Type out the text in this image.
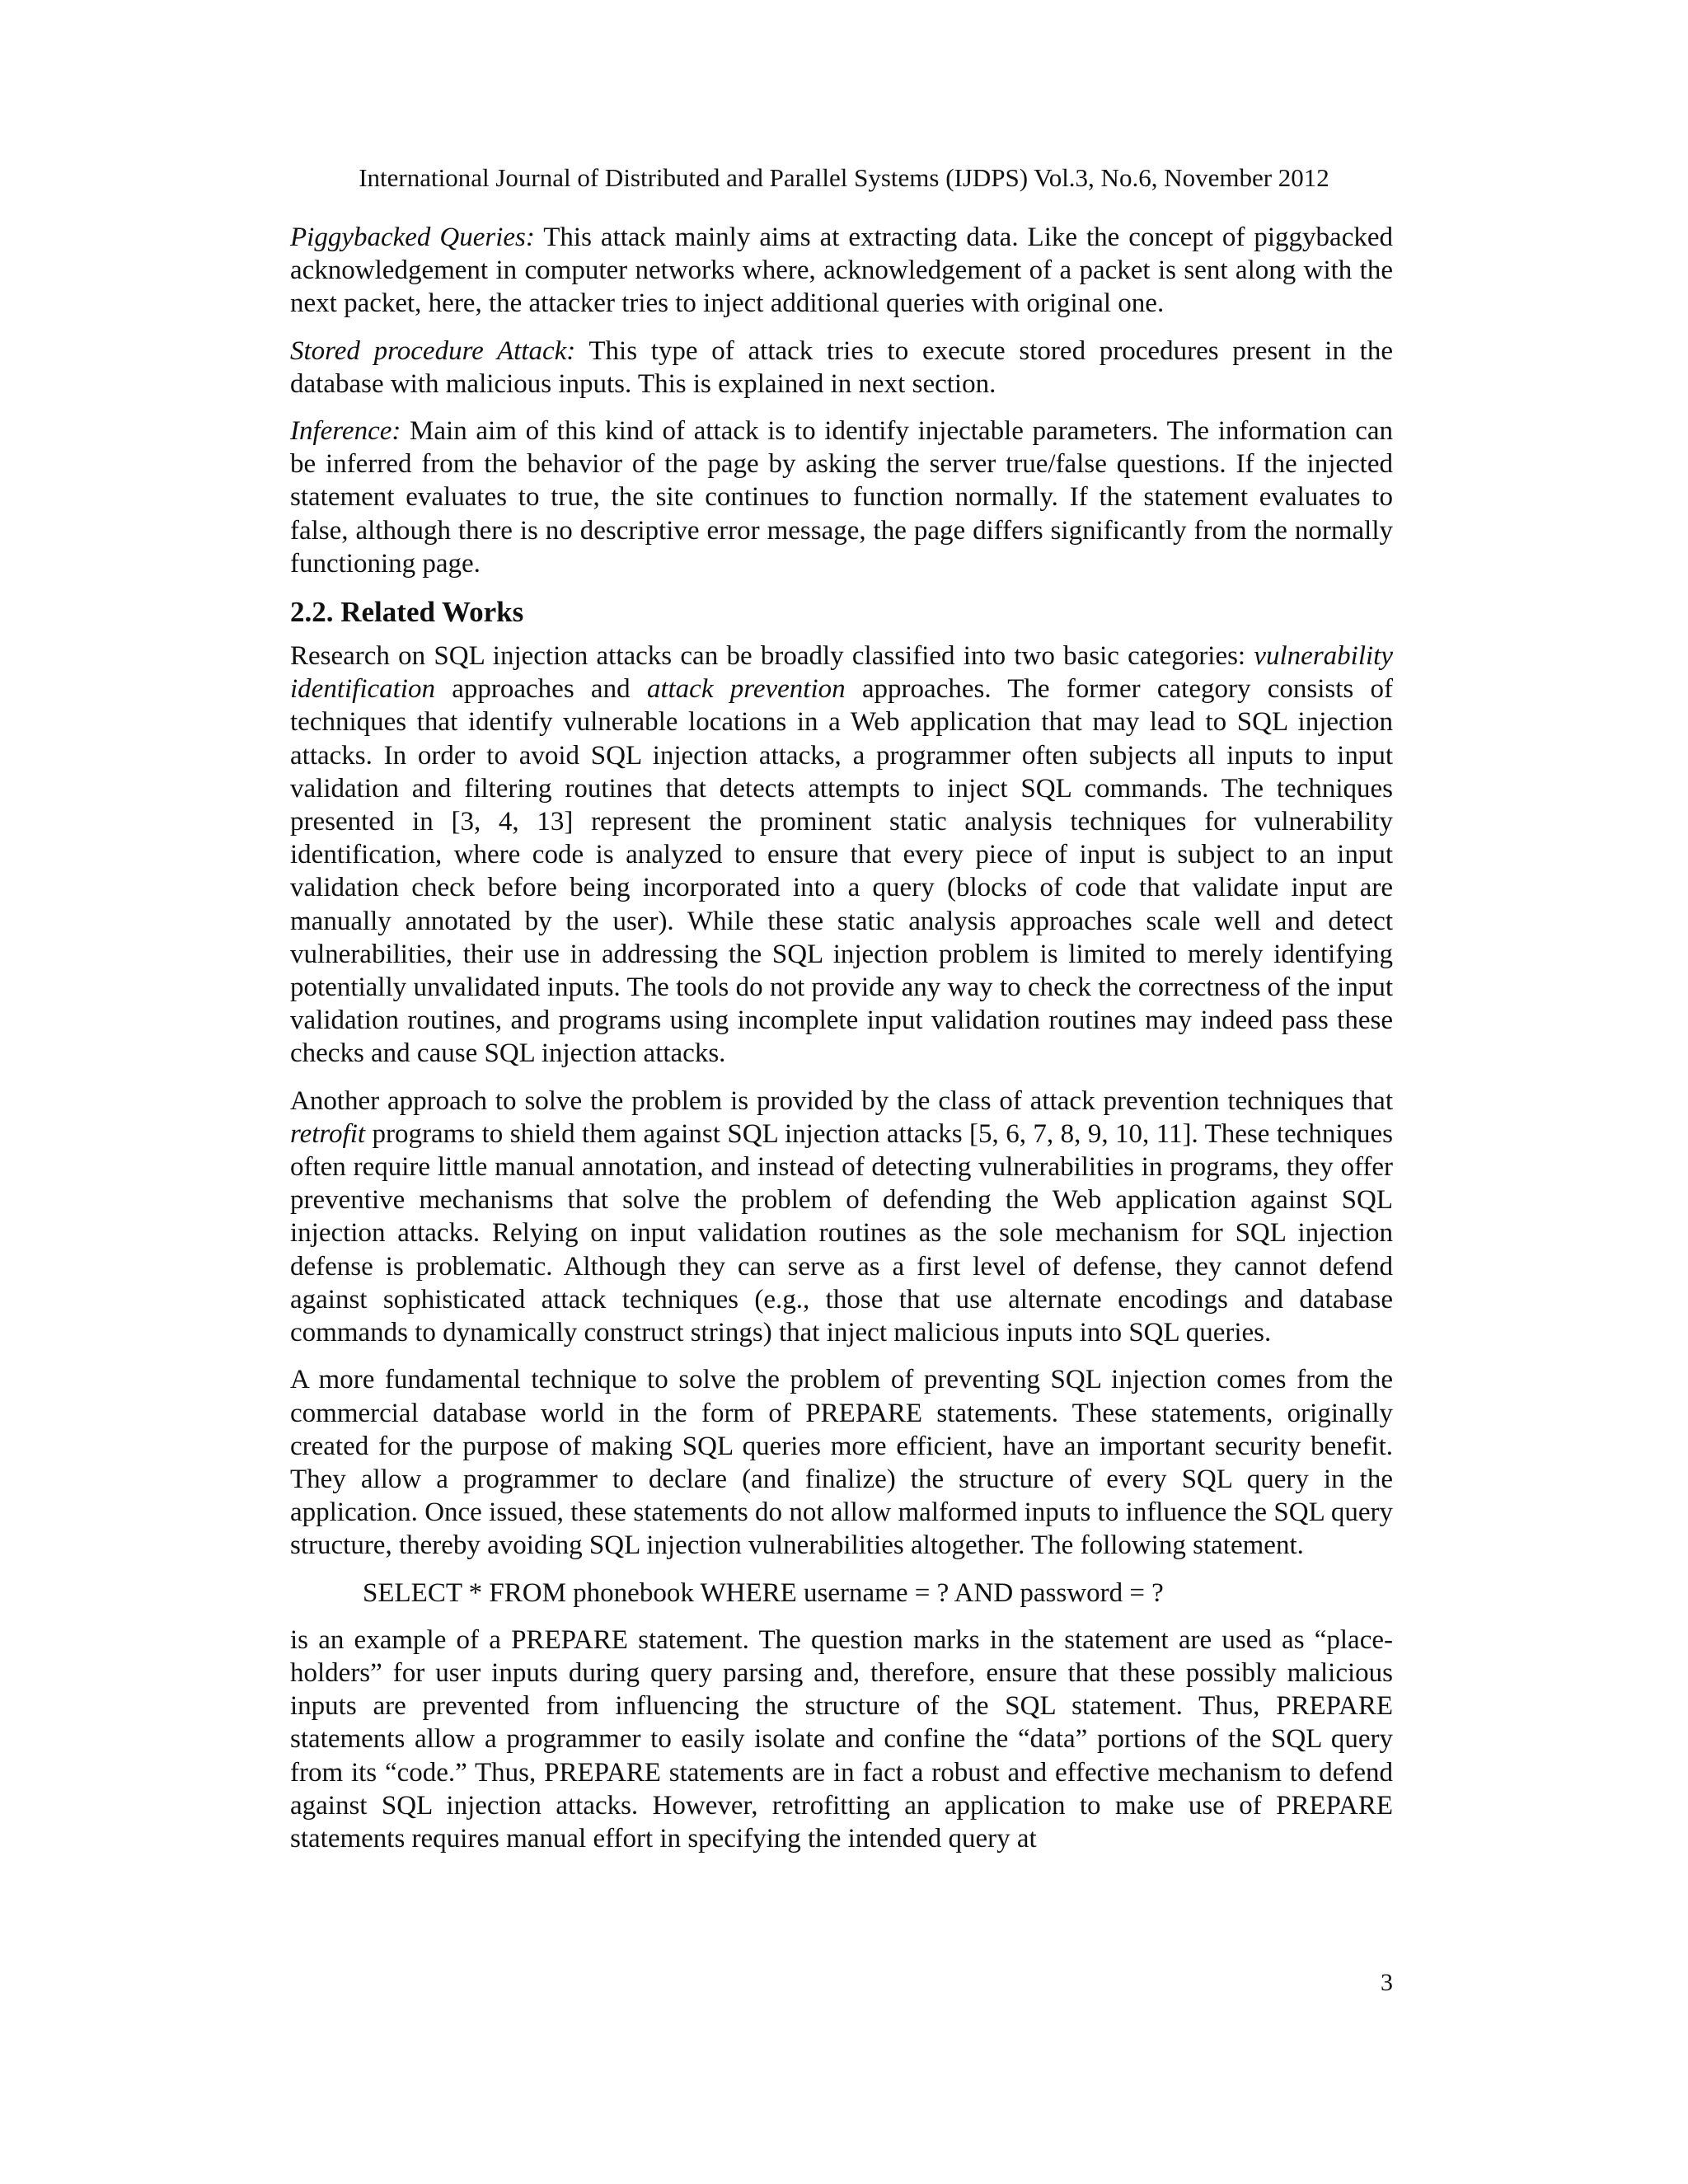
International Journal of Distributed and Parallel Systems (IJDPS) Vol.3, No.6, November 2012

Piggybacked Queries: This attack mainly aims at extracting data. Like the concept of piggybacked acknowledgement in computer networks where, acknowledgement of a packet is sent along with the next packet, here, the attacker tries to inject additional queries with original one.

Stored procedure Attack: This type of attack tries to execute stored procedures present in the database with malicious inputs. This is explained in next section.

Inference: Main aim of this kind of attack is to identify injectable parameters. The information can be inferred from the behavior of the page by asking the server true/false questions. If the injected statement evaluates to true, the site continues to function normally. If the statement evaluates to false, although there is no descriptive error message, the page differs significantly from the normally functioning page.

2.2. Related Works

Research on SQL injection attacks can be broadly classified into two basic categories: vulnerability identification approaches and attack prevention approaches. The former category consists of techniques that identify vulnerable locations in a Web application that may lead to SQL injection attacks. In order to avoid SQL injection attacks, a programmer often subjects all inputs to input validation and filtering routines that detects attempts to inject SQL commands. The techniques presented in [3, 4, 13] represent the prominent static analysis techniques for vulnerability identification, where code is analyzed to ensure that every piece of input is subject to an input validation check before being incorporated into a query (blocks of code that validate input are manually annotated by the user). While these static analysis approaches scale well and detect vulnerabilities, their use in addressing the SQL injection problem is limited to merely identifying potentially unvalidated inputs. The tools do not provide any way to check the correctness of the input validation routines, and programs using incomplete input validation routines may indeed pass these checks and cause SQL injection attacks.

Another approach to solve the problem is provided by the class of attack prevention techniques that retrofit programs to shield them against SQL injection attacks [5, 6, 7, 8, 9, 10, 11]. These techniques often require little manual annotation, and instead of detecting vulnerabilities in programs, they offer preventive mechanisms that solve the problem of defending the Web application against SQL injection attacks. Relying on input validation routines as the sole mechanism for SQL injection defense is problematic. Although they can serve as a first level of defense, they cannot defend against sophisticated attack techniques (e.g., those that use alternate encodings and database commands to dynamically construct strings) that inject malicious inputs into SQL queries.

A more fundamental technique to solve the problem of preventing SQL injection comes from the commercial database world in the form of PREPARE statements. These statements, originally created for the purpose of making SQL queries more efficient, have an important security benefit. They allow a programmer to declare (and finalize) the structure of every SQL query in the application. Once issued, these statements do not allow malformed inputs to influence the SQL query structure, thereby avoiding SQL injection vulnerabilities altogether. The following statement.

SELECT * FROM phonebook WHERE username = ? AND password = ?

is an example of a PREPARE statement. The question marks in the statement are used as “place-holders” for user inputs during query parsing and, therefore, ensure that these possibly malicious inputs are prevented from influencing the structure of the SQL statement. Thus, PREPARE statements allow a programmer to easily isolate and confine the “data” portions of the SQL query from its “code.” Thus, PREPARE statements are in fact a robust and effective mechanism to defend against SQL injection attacks. However, retrofitting an application to make use of PREPARE statements requires manual effort in specifying the intended query at

3
